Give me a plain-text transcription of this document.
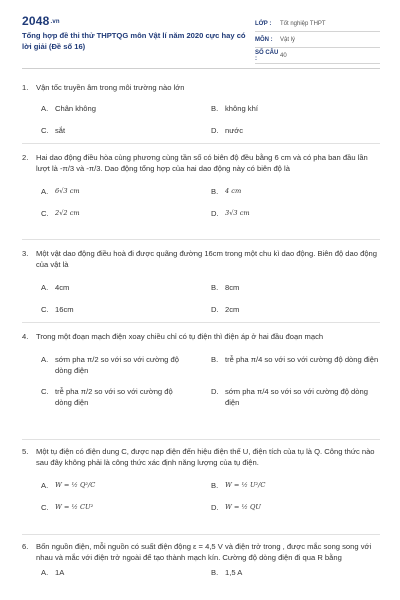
$2048^{.vn}$
Tổng hợp đề thi thử THPTQG môn Vật lí năm 2020 cực hay có lời giải (Đề số 16)
LỚP :	Tốt nghiệp THPT
MÔN :	Vật lý
SỐ CÂU :	40
1.	Vận tốc truyền âm trong môi trường nào lớn
A. Chân không	B. không khí
C. sắt	D. nước
2.	Hai dao động điều hòa cùng phương cùng tần số có biên độ đều bằng 6 cm và có pha ban đầu lần lượt là -π/3 và -π/3. Dao động tổng hợp của hai dao động này có biên độ là
A.	6√3 cm	B.	4 cm
C. 2√2 cm	D. 3√3 cm
3.	Một vật dao động điều hoà đi được quãng đường 16cm trong một chu kì dao động. Biên độ dao động của vật là
A. 4cm	B. 8cm
C. 16cm	D. 2cm
4.	Trong một đoạn mạch điện xoay chiều chỉ có tụ điện thì điện áp ở hai đầu đoạn mạch
A. sớm pha π/2 so với so với cường độ dòng điện
B. trễ pha π/4 so với so với cường độ dòng điện
C. trễ pha π/2 so với so với cường độ dòng điện
D. sớm pha π/4 so với so với cường độ dòng điện
5.	Một tụ điện có điện dung C, được nạp điện đến hiệu điện thế U, điện tích của tụ là Q. Công thức nào sau đây không phải là công thức xác định năng lượng của tụ điện.
A.	W = ½ Q²/C	B.	W = ½ U²/C
C. W = ½ CU²	D. W = ½ QU
6.	Bốn nguồn điện, mỗi nguồn có suất điện động ε = 4,5 V và điện trở trong , được mắc song song với nhau và mắc với điện trở ngoài để tạo thành mạch kín. Cường độ dòng điện đi qua R bằng
A. 1A	B. 1,5 A
